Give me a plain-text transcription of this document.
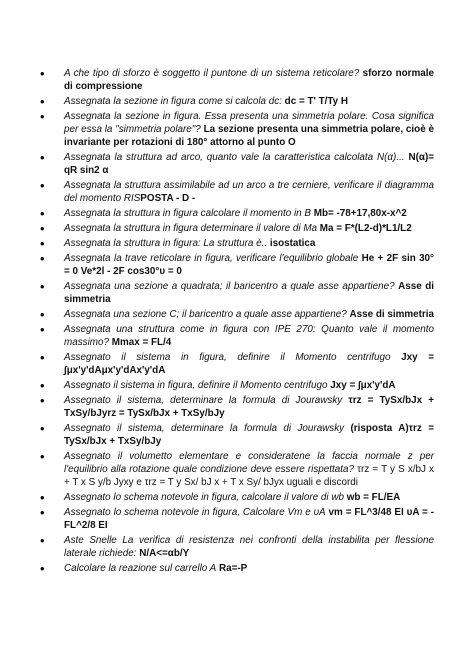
• A che tipo di sforzo è soggetto il puntone di un sistema reticolare? sforzo normale di compressione
• Assegnata la sezione in figura come si calcola dc: dc = T' T/Ty H
• Assegnata la sezione in figura. Essa presenta una simmetria polare. Cosa significa per essa la "simmetria polare"? La sezione presenta una simmetria polare, cioè è invariante per rotazioni di 180° attorno al punto O
• Assegnata la struttura ad arco, quanto vale la caratteristica calcolata N(α)... N(α)= qR sin2 α
• Assegnata la struttura assimilabile ad un arco a tre cerniere, verificare il diagramma del momento RISPOSTA - D -
• Assegnata la struttura in figura calcolare il momento in B Mb= -78+17,80x-x^2
• Assegnata la struttura in figura determinare il valore di Ma Ma = F*(L2-d)*L1/L2
• Assegnata la struttura in figura: La struttura è.. isostatica
• Assegnata la trave reticolare in figura, verificare l'equilibrio globale He + 2F sin 30° = 0 Ve*2l - 2F cos30°υ = 0
• Assegnata una sezione a quadrata; il baricentro a quale asse appartiene? Asse di simmetria
• Assegnata una sezione C; il baricentro a quale asse appartiene? Asse di simmetria
• Assegnata una struttura come in figura con IPE 270: Quanto vale il momento massimo? Mmax = FL/4
• Assegnato il sistema in figura, definire il Momento centrifugo Jxy = ∫μx'y'dAμx'y'dAx'y'dA
• Assegnato il sistema in figura, definire il Momento centrifugo Jxy = ∫μx'y'dA
• Assegnato il sistema, determinare la formula di Jourawsky τrz = TySx/bJx + TxSy/bJyrz = TySx/bJx + TxSy/bJy
• Assegnato il sistema, determinare la formula di Jourawsky (risposta A)τrz = TySx/bJx + TxSy/bJy
• Assegnato il volumetto elementare e consideratene la faccia normale z per l'equilibrio alla rotazione quale condizione deve essere rispettata? τrz = T y S x/bJ x + T x S y/b Jyxy e τrz = T y Sx/ bJ x + T x Sy/ bJyx uguali e discordi
• Assegnato lo schema notevole in figura, calcolare il valore di wb wb = FL/EA
• Assegnato lo schema notevole in figura, Calcolare Vm e υA vm = FL^3/48 EI υA = - FL^2/8 EI
• Aste Snelle La verifica di resistenza nei confronti della instabilita per flessione laterale richiede: N/A<=αb/Y
• Calcolare la reazione sul carrello A Ra=-P
